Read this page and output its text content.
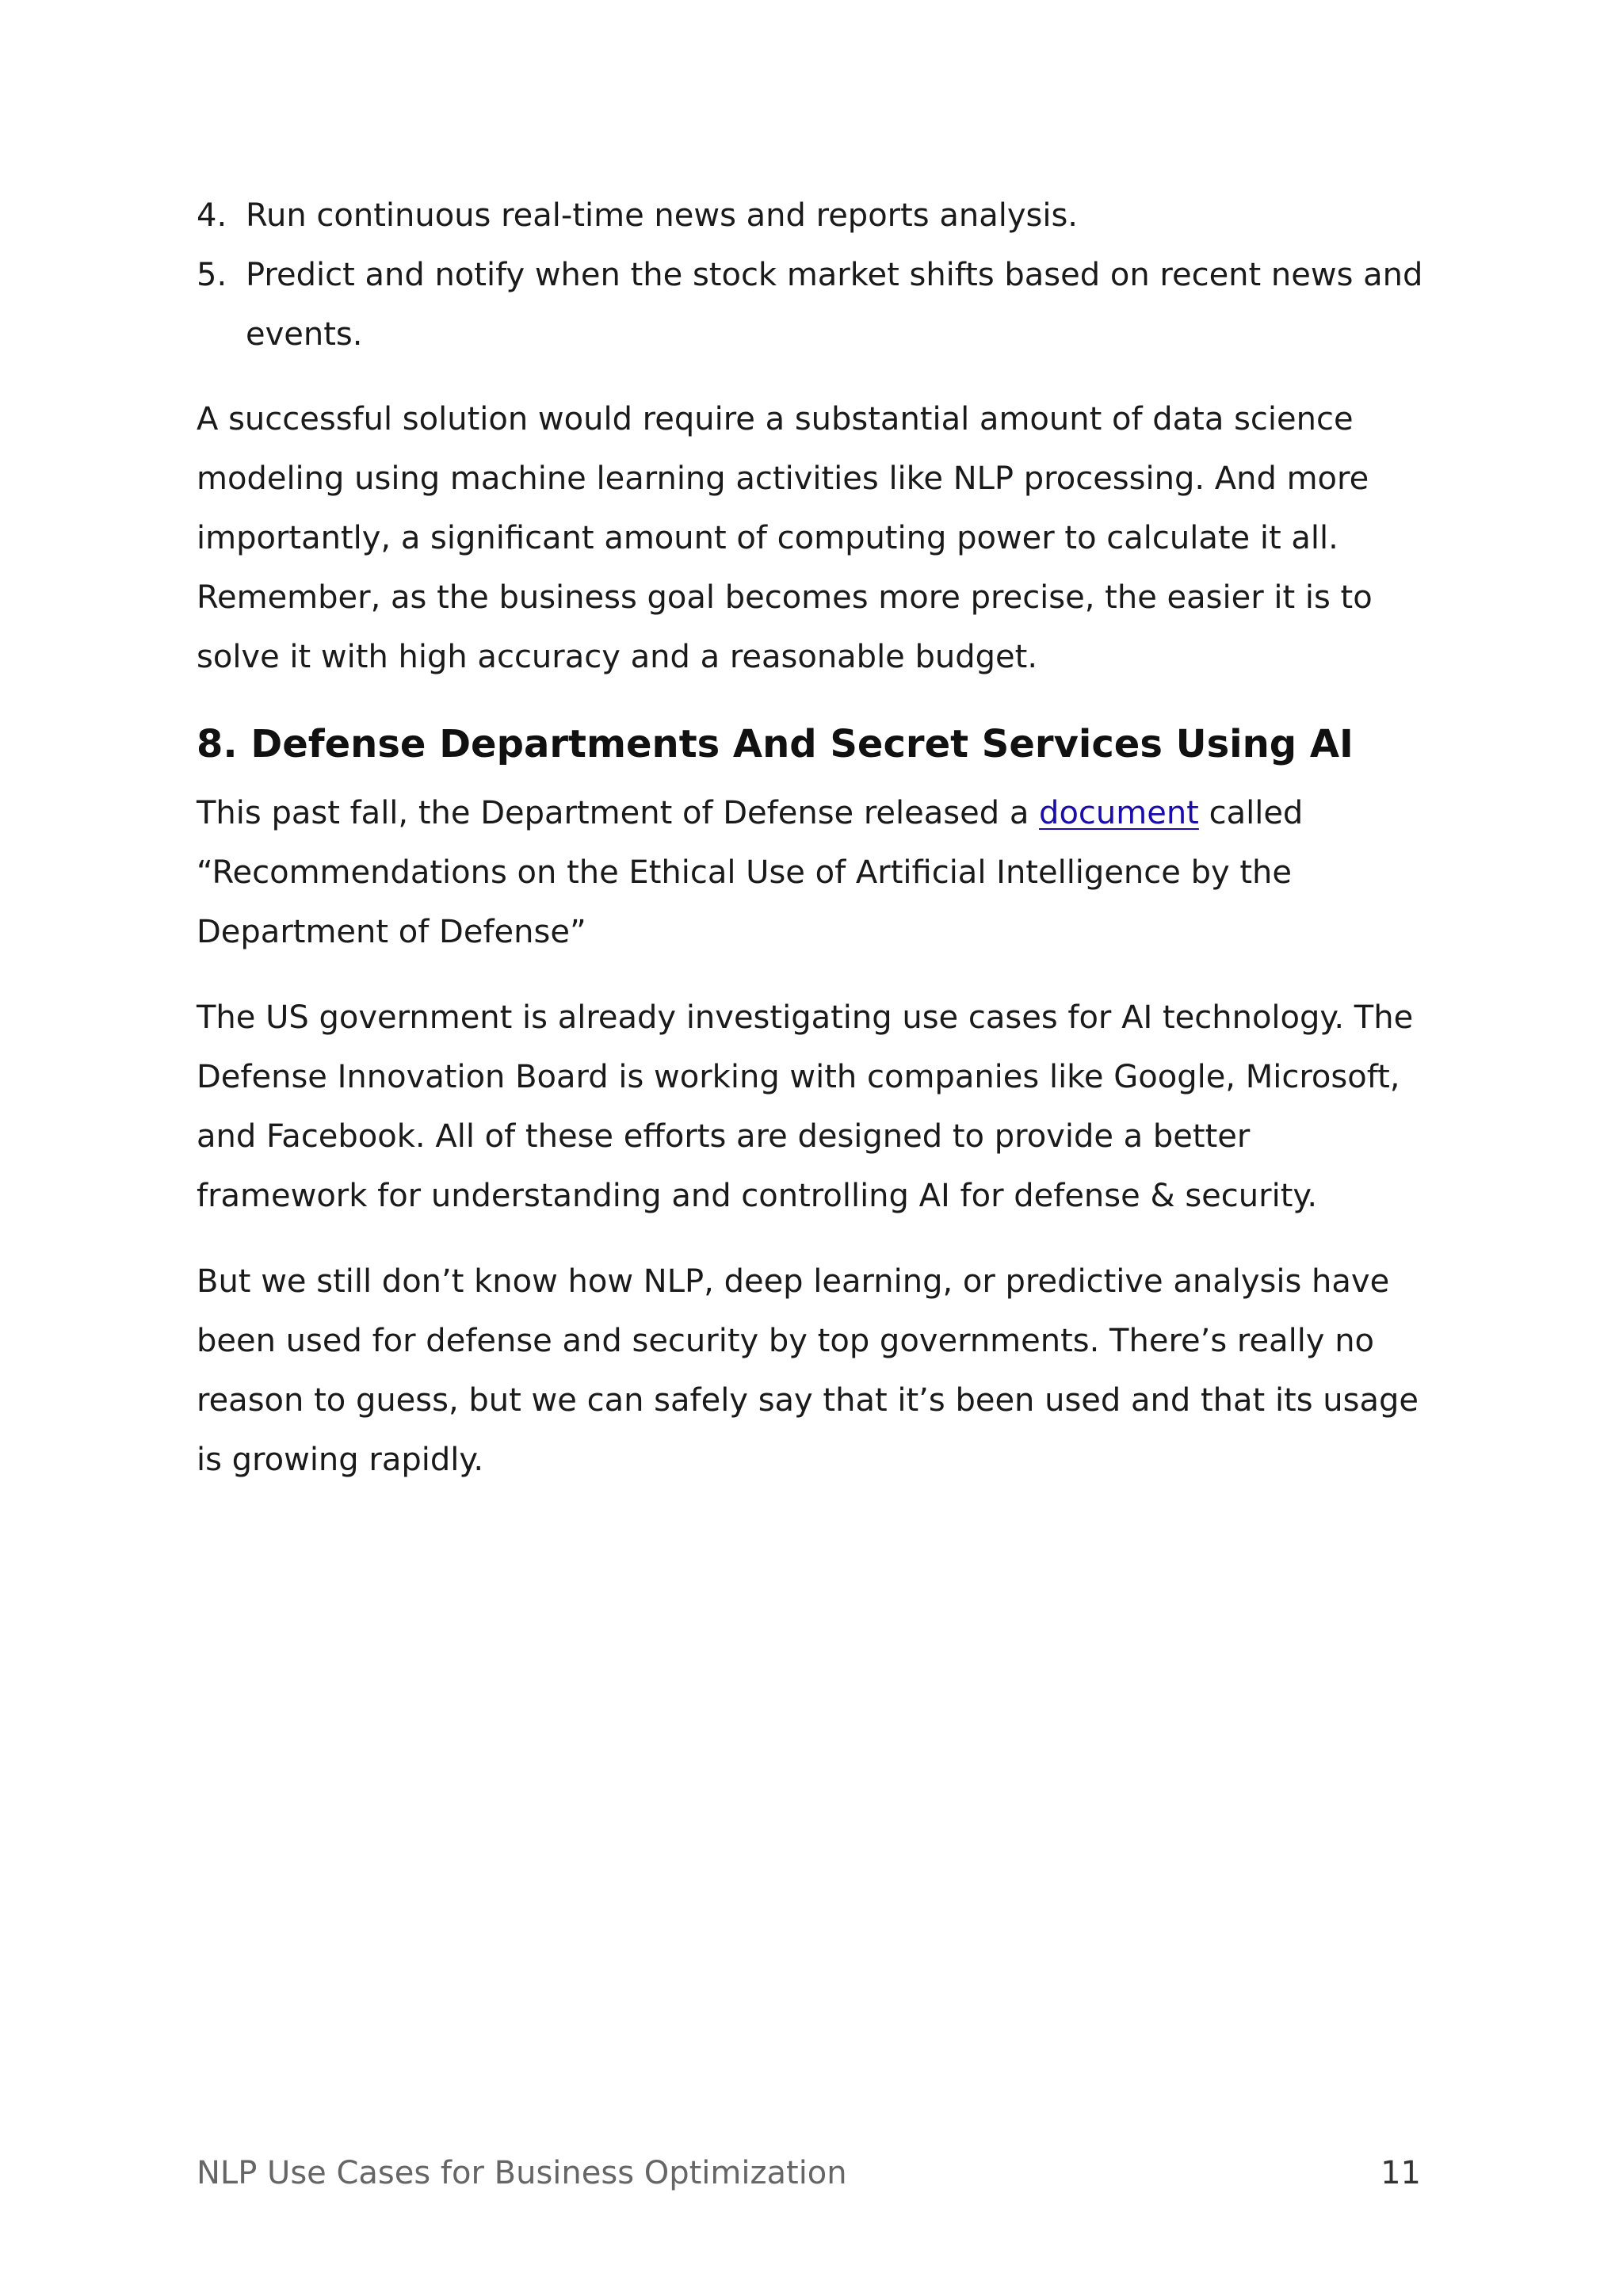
4. Run continuous real-time news and reports analysis.
5. Predict and notify when the stock market shifts based on recent news and events.

A successful solution would require a substantial amount of data science modeling using machine learning activities like NLP processing. And more importantly, a significant amount of computing power to calculate it all. Remember, as the business goal becomes more precise, the easier it is to solve it with high accuracy and a reasonable budget.

8. Defense Departments And Secret Services Using AI

This past fall, the Department of Defense released a document called “Recommendations on the Ethical Use of Artificial Intelligence by the Department of Defense”

The US government is already investigating use cases for AI technology. The Defense Innovation Board is working with companies like Google, Microsoft, and Facebook. All of these efforts are designed to provide a better framework for understanding and controlling AI for defense & security.

But we still don’t know how NLP, deep learning, or predictive analysis have been used for defense and security by top governments. There’s really no reason to guess, but we can safely say that it’s been used and that its usage is growing rapidly.

NLP Use Cases for Business Optimization	11
